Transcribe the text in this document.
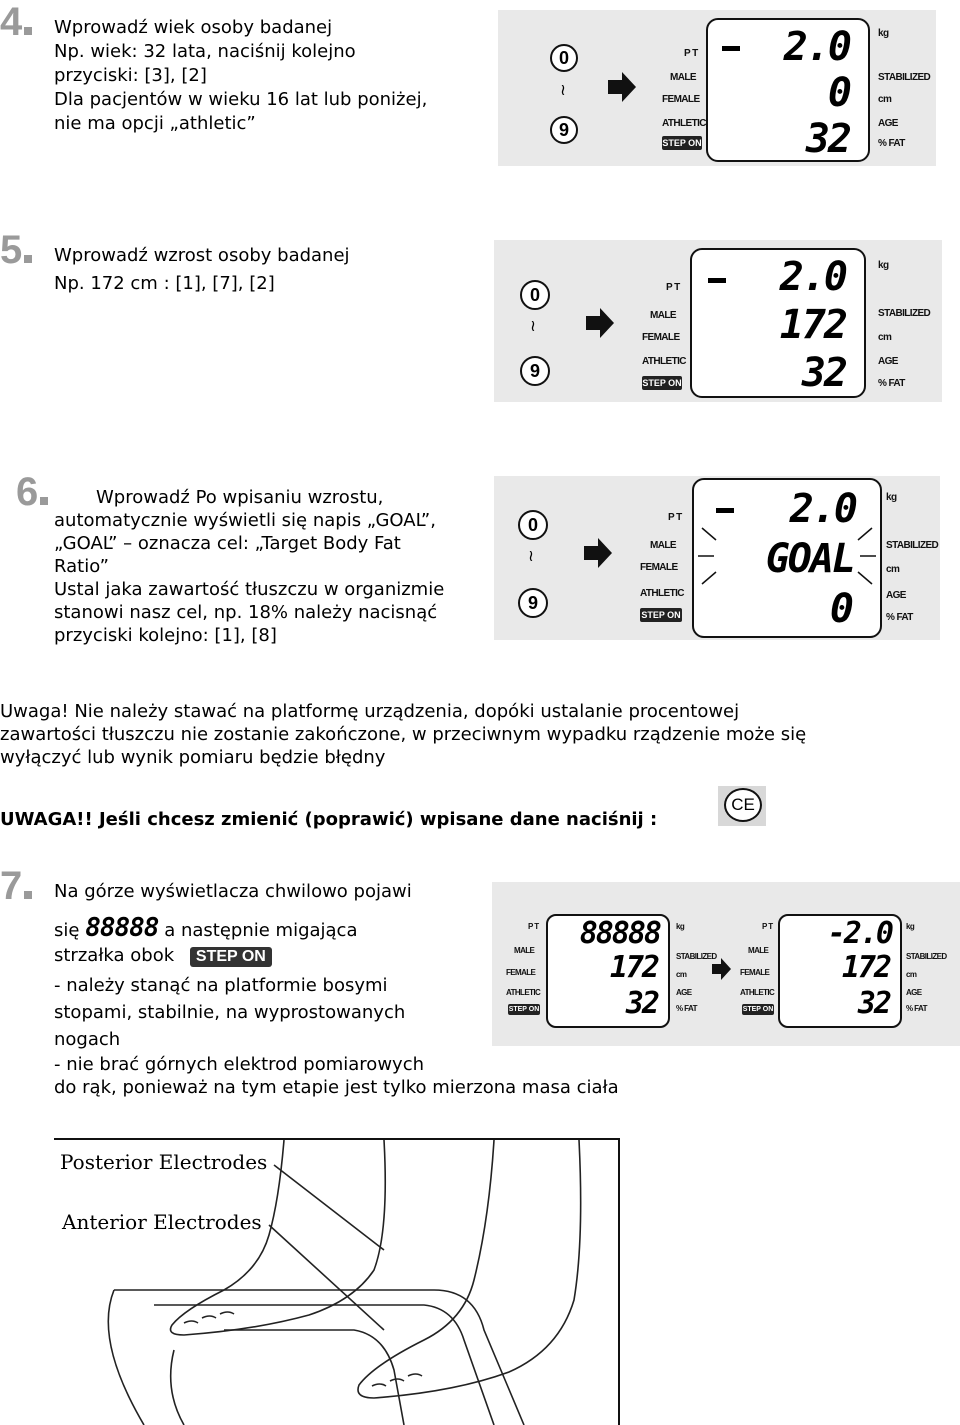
4	Wprowadź wiek osoby badanej
Np. wiek: 32 lata, naciśnij kolejno
przyciski: [3], [2]
Dla pacjentów w wieku 16 lat lub poniżej,
nie ma opcji „athletic”
0
≀
9
P T
MALE
FEMALE
ATHLETIC
STEP ON
2.0
0
32
kg
STABILIZED
cm
AGE
% FAT
5	Wprowadź wzrost osoby badanej
Np. 172 cm : [1], [7], [2]
0
≀
9
P T
MALE
FEMALE
ATHLETIC
STEP ON
2.0
172
32
kg
STABILIZED
cm
AGE
% FAT
6	Wprowadź Po wpisaniu wzrostu,
automatycznie wyświetli się napis „GOAL”,
„GOAL” – oznacza cel: „Target Body Fat
Ratio”
Ustal jaka zawartość tłuszczu w organizmie
stanowi nasz cel, np. 18% należy nacisnąć
przyciski kolejno: [1], [8]
0
≀
9
P T
MALE
FEMALE
ATHLETIC
STEP ON
2.0
GOAL
0
kg
STABILIZED
cm
AGE
% FAT
Uwaga! Nie należy stawać na platformę urządzenia, dopóki ustalanie procentowej
zawartości tłuszczu nie zostanie zakończone, w przeciwnym wypadku rządzenie może się
wyłączyć lub wynik pomiaru będzie błędny
UWAGA!! Jeśli chcesz zmienić (poprawić) wpisane dane naciśnij :
CE
7	Na górze wyświetlacza chwilowo pojawi
się 88888 a następnie migająca
strzałka obok STEP ON
- należy stanąć na platformie bosymi
stopami, stabilnie, na wyprostowanych
nogach
- nie brać górnych elektrod pomiarowych
do rąk, ponieważ na tym etapie jest tylko mierzona masa ciała
P T
MALE
FEMALE
ATHLETIC
STEP ON
88888
172
32
kg
STABILIZED
cm
AGE
% FAT
P T
MALE
FEMALE
ATHLETIC
STEP ON
-2.0
172
32
kg
STABILIZED
cm
AGE
% FAT
Posterior Electrodes
Anterior Electrodes
